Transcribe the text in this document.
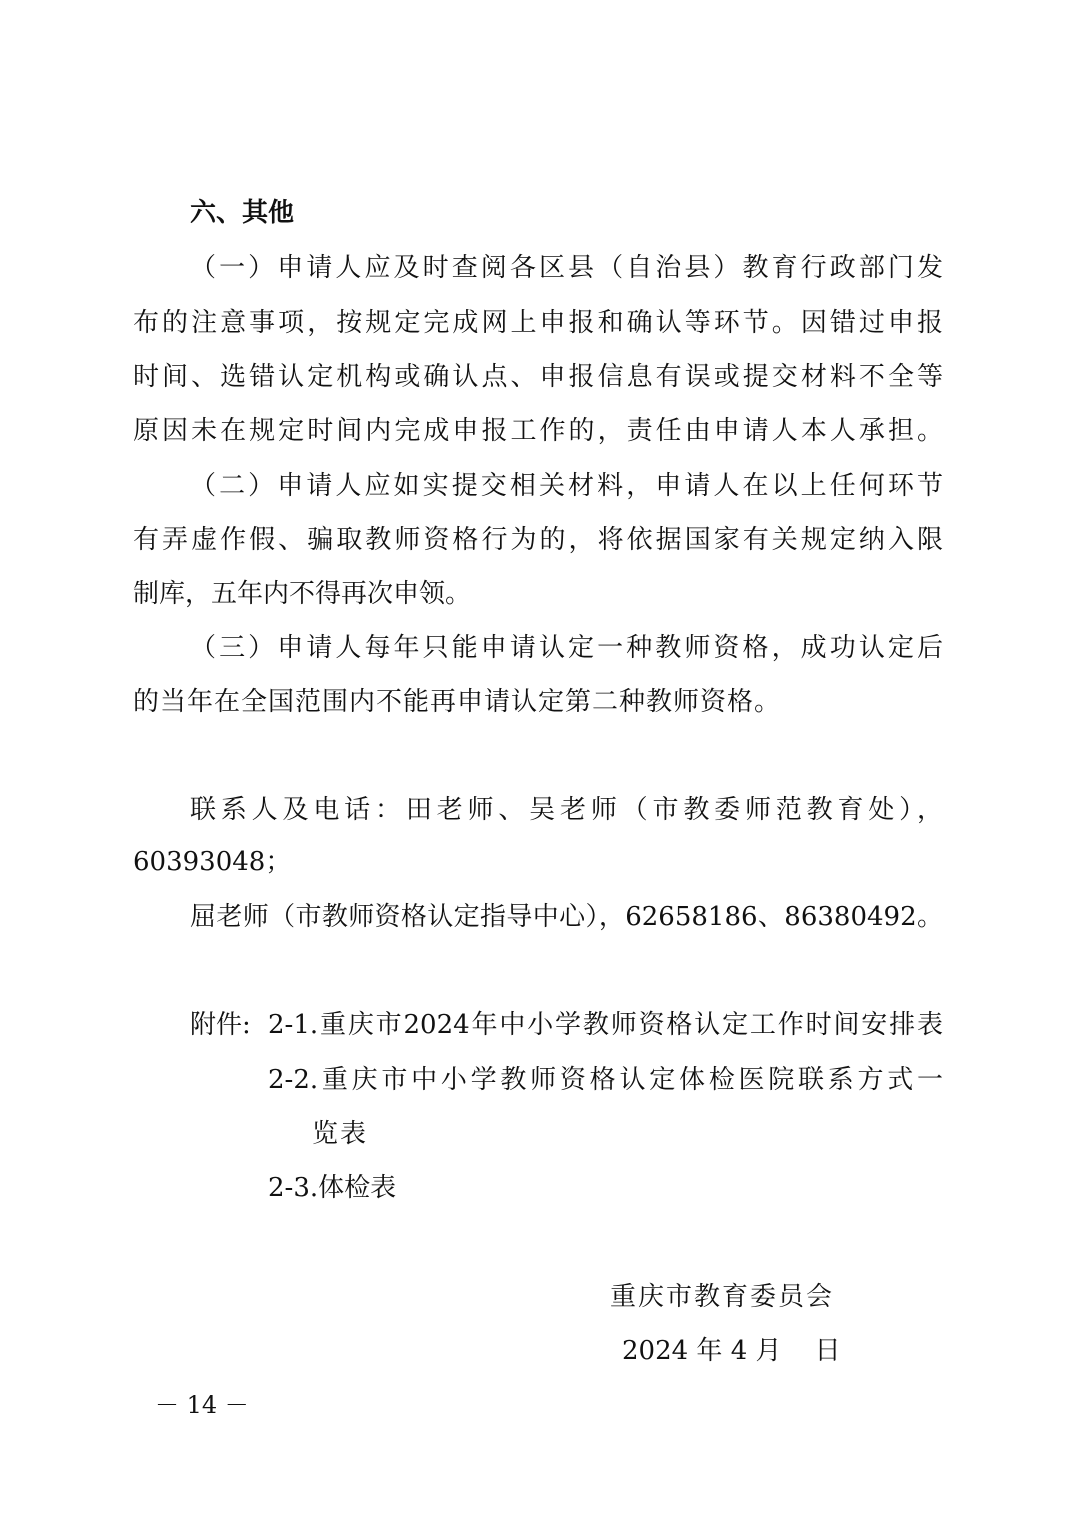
六、其他
（一）申请人应及时查阅各区县（自治县）教育行政部门发
布的注意事项，按规定完成网上申报和确认等环节。因错过申报
时间、选错认定机构或确认点、申报信息有误或提交材料不全等
原因未在规定时间内完成申报工作的，责任由申请人本人承担。
（二）申请人应如实提交相关材料，申请人在以上任何环节
有弄虚作假、骗取教师资格行为的，将依据国家有关规定纳入限
制库，五年内不得再次申领。
（三）申请人每年只能申请认定一种教师资格，成功认定后
的当年在全国范围内不能再申请认定第二种教师资格。
联系人及电话：田老师、吴老师（市教委师范教育处），
60393048；
屈老师（市教师资格认定指导中心），62658186、86380492。
附件: 2-1.重庆市2024年中小学教师资格认定工作时间安排表
2-2.重庆市中小学教师资格认定体检医院联系方式一
览表
2-3.体检表
重庆市教育委员会
2024 年 4 月    日
－ 14 －
